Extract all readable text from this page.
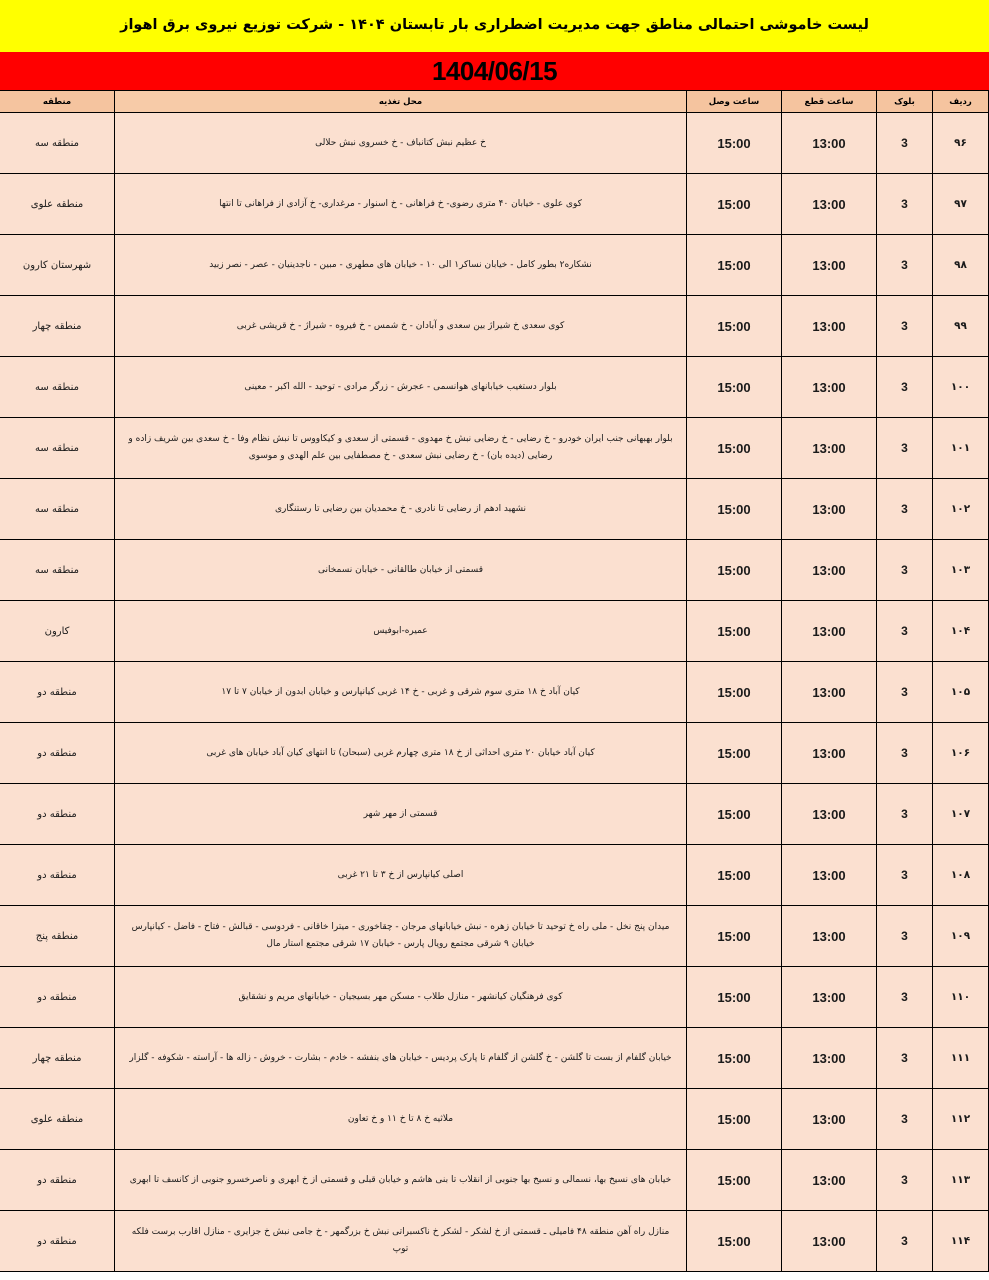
لیست خاموشی احتمالی مناطق جهت مدیریت اضطراری بار تابستان ۱۴۰۴ - شرکت توزیع نیروی برق اهواز
1404/06/15
ردیف	بلوک	ساعت قطع	ساعت وصل	محل تغذیه	منطقه
۹۶	3	13:00	15:00	خ عظیم نبش کتانباف - خ خسروی نبش حلالی	منطقه سه
۹۷	3	13:00	15:00	کوی علوی - خیابان ۴۰ متری رضوی- خ فراهانی - خ اسنوار - مرغداری- خ آزادی از فراهانی تا انتها	منطقه علوی
۹۸	3	13:00	15:00	نشکاره۲ بطور کامل - خیابان نساکر۱ الی ۱۰ - خیابان های مطهری - مبین - ناجدینیان - عصر - نصر زبید	شهرستان کارون
۹۹	3	13:00	15:00	کوی سعدی خ شیراژ بین سعدی و آبادان - خ شمس - خ فیروه - شیراژ - خ قریشی غربی	منطقه چهار
۱۰۰	3	13:00	15:00	بلوار دستغیب خیابانهای هوانسمی - عجرش - زرگر مرادی - توحید - الله اکبر - معینی	منطقه سه
۱۰۱	3	13:00	15:00	بلوار بهبهانی جنب ایران خودرو - خ رضایی - خ رضایی نبش خ مهدوی - قسمتی از سعدی و کیکاووس تا نبش نظام وفا - خ سعدی بین شریف زاده و رضایی (دیده بان) - خ رضایی نبش سعدی - خ مصطفایی بین علم الهدی و موسوی	منطقه سه
۱۰۲	3	13:00	15:00	نشهید ادهم از رضایی تا نادری - خ محمدیان بین رضایی تا رستنگاری	منطقه سه
۱۰۳	3	13:00	15:00	قسمتی از خیابان طالقانی - خیابان نسمخانی	منطقه سه
۱۰۴	3	13:00	15:00	عمیره-ابوفیس	کارون
۱۰۵	3	13:00	15:00	کیان آباد خ ۱۸ متری سوم شرقی و غربی - خ ۱۴ غربی کیانپارس و خیابان ابدون از خیابان ۷ تا ۱۷	منطقه دو
۱۰۶	3	13:00	15:00	کیان آباد خیابان ۲۰ متری احداثی از خ ۱۸ متری چهارم غربی (سبحان) تا انتهای کیان آباد خیابان های غربی	منطقه دو
۱۰۷	3	13:00	15:00	قسمتی از مهر شهر	منطقه دو
۱۰۸	3	13:00	15:00	اصلی کیانپارس از خ ۳ تا ۲۱ غربی	منطقه دو
۱۰۹	3	13:00	15:00	میدان پنج نخل - ملی راه خ توحید تا خیابان زهره - نبش خیابانهای مرجان - چقاخوری - میترا خاقانی - فردوسی - قبالش - فتاح - فاضل - کیانپارس خیابان ۹ شرقی مجتمع رویال پارس - خیابان ۱۷ شرقی مجتمع استار مال	منطقه پنج
۱۱۰	3	13:00	15:00	کوی فرهنگیان کیانشهر - منازل طلاب - مسکن مهر بسیجیان - خیابانهای مریم و نشقایق	منطقه دو
۱۱۱	3	13:00	15:00	خیابان گلفام از بست تا گلشن - خ گلشن از گلفام تا پارک پردیس - خیابان های بنفشه - خادم - بشارت - خروش - زاله ها - آراسته - شکوفه - گلزار	منطقه چهار
۱۱۲	3	13:00	15:00	ملاثیه خ ۸ تا خ ۱۱ و خ تعاون	منطقه علوی
۱۱۳	3	13:00	15:00	خیابان های نسیخ بها، نسمالی و نسیخ بها جنوبی از انقلاب تا بنی هاشم و خیابان قبلی و قسمتی از خ ابهری و ناصرخسرو جنوبی از کانسف تا ابهری	منطقه دو
۱۱۴	3	13:00	15:00	منازل راه آهن منطقه ۴۸ فامیلی ـ قسمتی از خ لشکر - لشکر خ ناکسبراتی نبش خ بزرگمهر - خ جامی نبش خ جزایری - منازل اقارب برست فلکه توپ	منطقه دو
